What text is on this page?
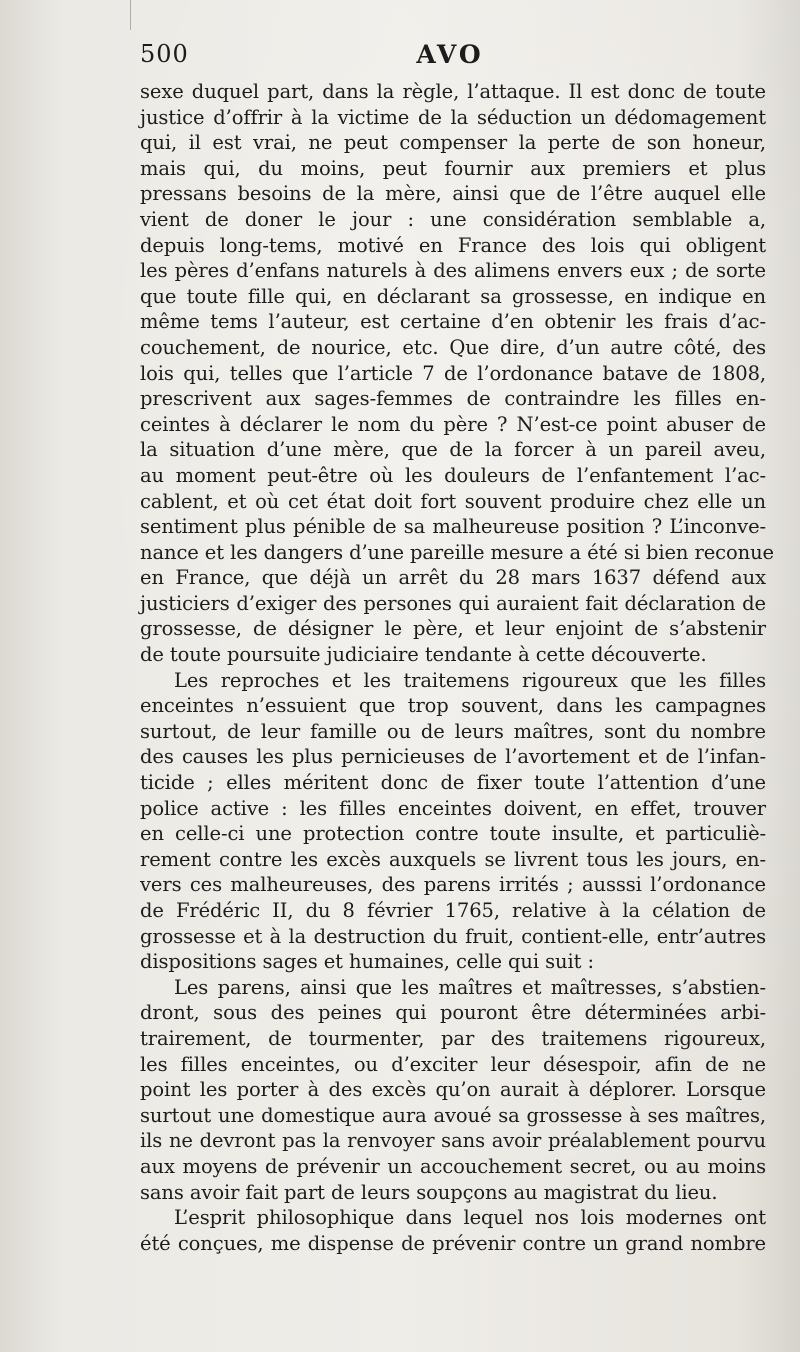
500	AVO
sexe duquel part, dans la règle, l’attaque. Il est donc de toute
justice d’offrir à la victime de la séduction un dédomagement
qui, il est vrai, ne peut compenser la perte de son honeur,
mais qui, du moins, peut fournir aux premiers et plus
pressans besoins de la mère, ainsi que de l’être auquel elle
vient de doner le jour : une considération semblable a,
depuis long-tems, motivé en France des lois qui obligent
les pères d’enfans naturels à des alimens envers eux ; de sorte
que toute fille qui, en déclarant sa grossesse, en indique en
même tems l’auteur, est certaine d’en obtenir les frais d’ac-
couchement, de nourice, etc. Que dire, d’un autre côté, des
lois qui, telles que l’article 7 de l’ordonance batave de 1808,
prescrivent aux sages-femmes de contraindre les filles en-
ceintes à déclarer le nom du père ? N’est-ce point abuser de
la situation d’une mère, que de la forcer à un pareil aveu,
au moment peut-être où les douleurs de l’enfantement l’ac-
cablent, et où cet état doit fort souvent produire chez elle un
sentiment plus pénible de sa malheureuse position ? L’inconve-
nance et les dangers d’une pareille mesure a été si bien reconue
en France, que déjà un arrêt du 28 mars 1637 défend aux
justiciers d’exiger des persones qui auraient fait déclaration de
grossesse, de désigner le père, et leur enjoint de s’abstenir
de toute poursuite judiciaire tendante à cette découverte.
Les reproches et les traitemens rigoureux que les filles
enceintes n’essuient que trop souvent, dans les campagnes
surtout, de leur famille ou de leurs maîtres, sont du nombre
des causes les plus pernicieuses de l’avortement et de l’infan-
ticide ; elles méritent donc de fixer toute l’attention d’une
police active : les filles enceintes doivent, en effet, trouver
en celle-ci une protection contre toute insulte, et particuliè-
rement contre les excès auxquels se livrent tous les jours, en-
vers ces malheureuses, des parens irrités ; ausssi l’ordonance
de Frédéric II, du 8 février 1765, relative à la célation de
grossesse et à la destruction du fruit, contient-elle, entr’autres
dispositions sages et humaines, celle qui suit :
Les parens, ainsi que les maîtres et maîtresses, s’abstien-
dront, sous des peines qui pouront être déterminées arbi-
trairement, de tourmenter, par des traitemens rigoureux,
les filles enceintes, ou d’exciter leur désespoir, afin de ne
point les porter à des excès qu’on aurait à déplorer. Lorsque
surtout une domestique aura avoué sa grossesse à ses maîtres,
ils ne devront pas la renvoyer sans avoir préalablement pourvu
aux moyens de prévenir un accouchement secret, ou au moins
sans avoir fait part de leurs soupçons au magistrat du lieu.
L’esprit philosophique dans lequel nos lois modernes ont
été conçues, me dispense de prévenir contre un grand nombre
